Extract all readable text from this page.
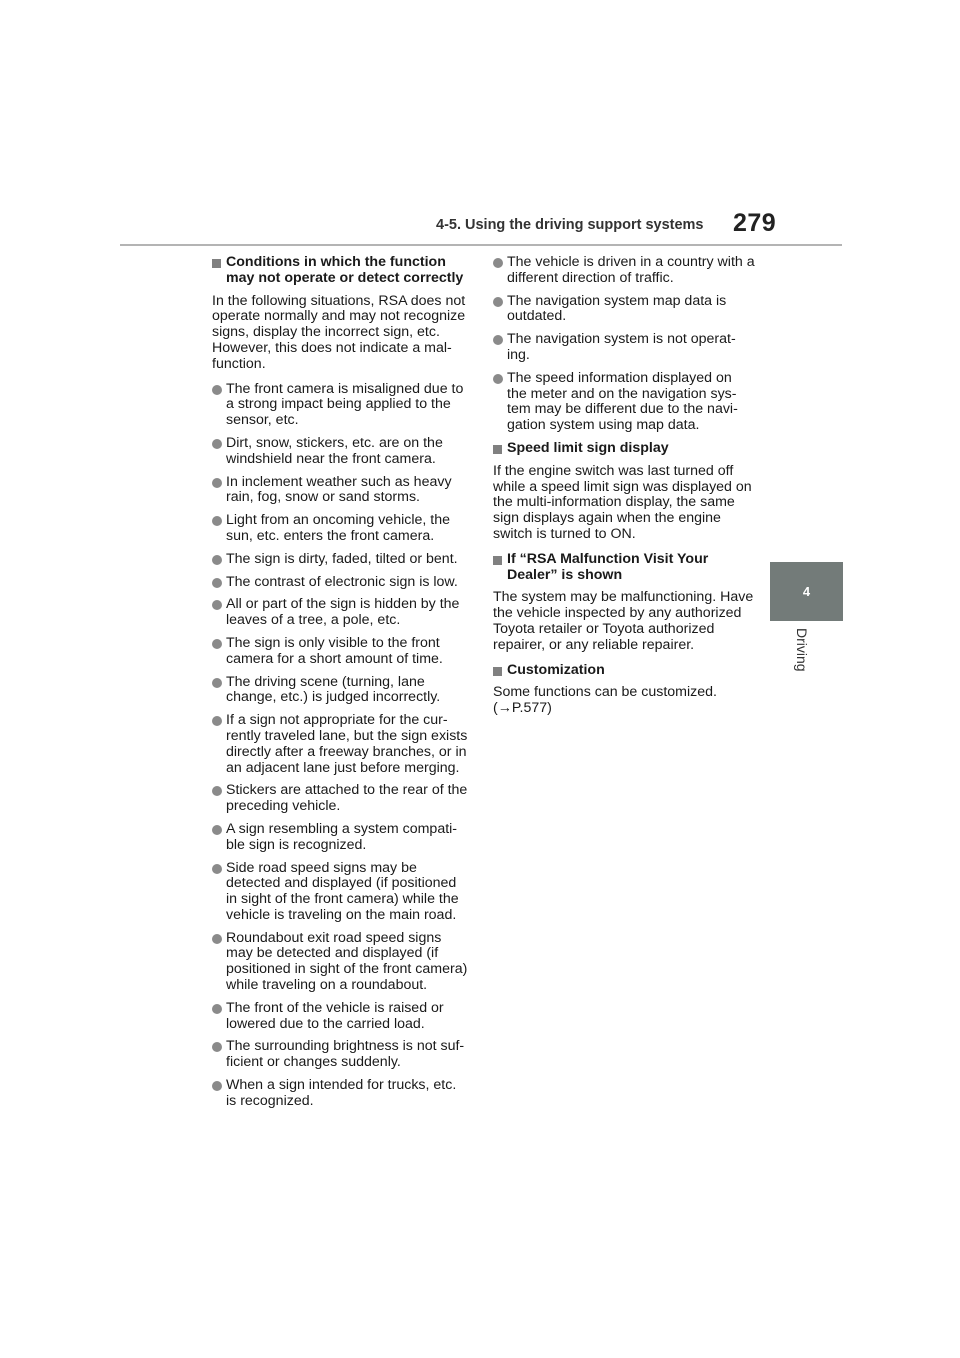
4-5. Using the driving support systems 279
4
Driving
Conditions in which the function may not operate or detect correctly

In the following situations, RSA does not operate normally and may not recognize signs, display the incorrect sign, etc. However, this does not indicate a mal-function.

The front camera is misaligned due to a strong impact being applied to the sensor, etc.
Dirt, snow, stickers, etc. are on the windshield near the front camera.
In inclement weather such as heavy rain, fog, snow or sand storms.
Light from an oncoming vehicle, the sun, etc. enters the front camera.
The sign is dirty, faded, tilted or bent.
The contrast of electronic sign is low.
All or part of the sign is hidden by the leaves of a tree, a pole, etc.
The sign is only visible to the front camera for a short amount of time.
The driving scene (turning, lane change, etc.) is judged incorrectly.
If a sign not appropriate for the cur-rently traveled lane, but the sign exists directly after a freeway branches, or in an adjacent lane just before merging.
Stickers are attached to the rear of the preceding vehicle.
A sign resembling a system compati-ble sign is recognized.
Side road speed signs may be detected and displayed (if positioned in sight of the front camera) while the vehicle is traveling on the main road.
Roundabout exit road speed signs may be detected and displayed (if positioned in sight of the front camera) while traveling on a roundabout.
The front of the vehicle is raised or lowered due to the carried load.
The surrounding brightness is not suf-ficient or changes suddenly.
When a sign intended for trucks, etc. is recognized.
The vehicle is driven in a country with a different direction of traffic.
The navigation system map data is outdated.
The navigation system is not operat-ing.
The speed information displayed on the meter and on the navigation sys-tem may be different due to the navi-gation system using map data.
Speed limit sign display

If the engine switch was last turned off while a speed limit sign was displayed on the multi-information display, the same sign displays again when the engine switch is turned to ON.

If “RSA Malfunction Visit Your Dealer” is shown

The system may be malfunctioning. Have the vehicle inspected by any authorized Toyota retailer or Toyota authorized repairer, or any reliable repairer.

Customization

Some functions can be customized. (→P.577)
